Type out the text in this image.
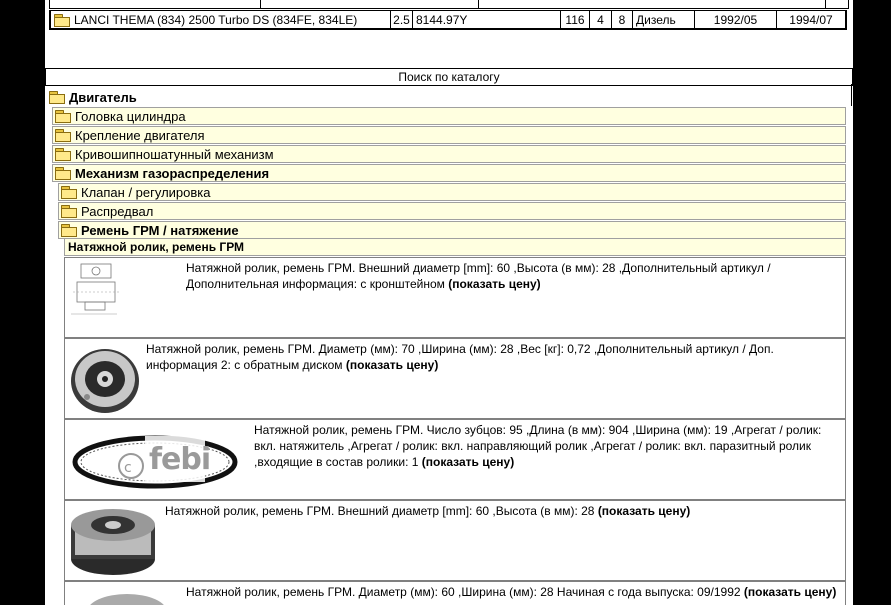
LANCI THEMA (834) 2500 Turbo DS (834FE, 834LE)	2.5 8144.97Y	116	4	8 Дизель	1992/05	1994/07
Поиск по каталогу
Двигатель
Головка цилиндра
Крепление двигателя
Кривошипношатунный механизм
Механизм газораспределения
Клапан / регулировка
Распредвал
Ремень ГРМ / натяжение
Натяжной ролик, ремень ГРМ
Натяжной ролик, ремень ГРМ. Внешний диаметр [mm]: 60 ,Высота (в мм): 28 ,Дополнительный артикул / Дополнительная информация: с кронштейном (показать цену)
Натяжной ролик, ремень ГРМ. Диаметр (мм): 70 ,Ширина (мм): 28 ,Вес [кг]: 0,72 ,Дополнительный артикул / Доп. информация 2: с обратным диском (показать цену)
c febi
Натяжной ролик, ремень ГРМ. Число зубцов: 95 ,Длина (в мм): 904 ,Ширина (мм): 19 ,Агрегат / ролик: вкл. натяжитель ,Агрегат / ролик: вкл. направляющий ролик ,Агрегат / ролик: вкл. паразитный ролик ,входящие в состав ролики: 1 (показать цену)
Натяжной ролик, ремень ГРМ. Внешний диаметр [mm]: 60 ,Высота (в мм): 28 (показать цену)
Натяжной ролик, ремень ГРМ. Диаметр (мм): 60 ,Ширина (мм): 28 Начиная с года выпуска: 09/1992 (показать цену)
